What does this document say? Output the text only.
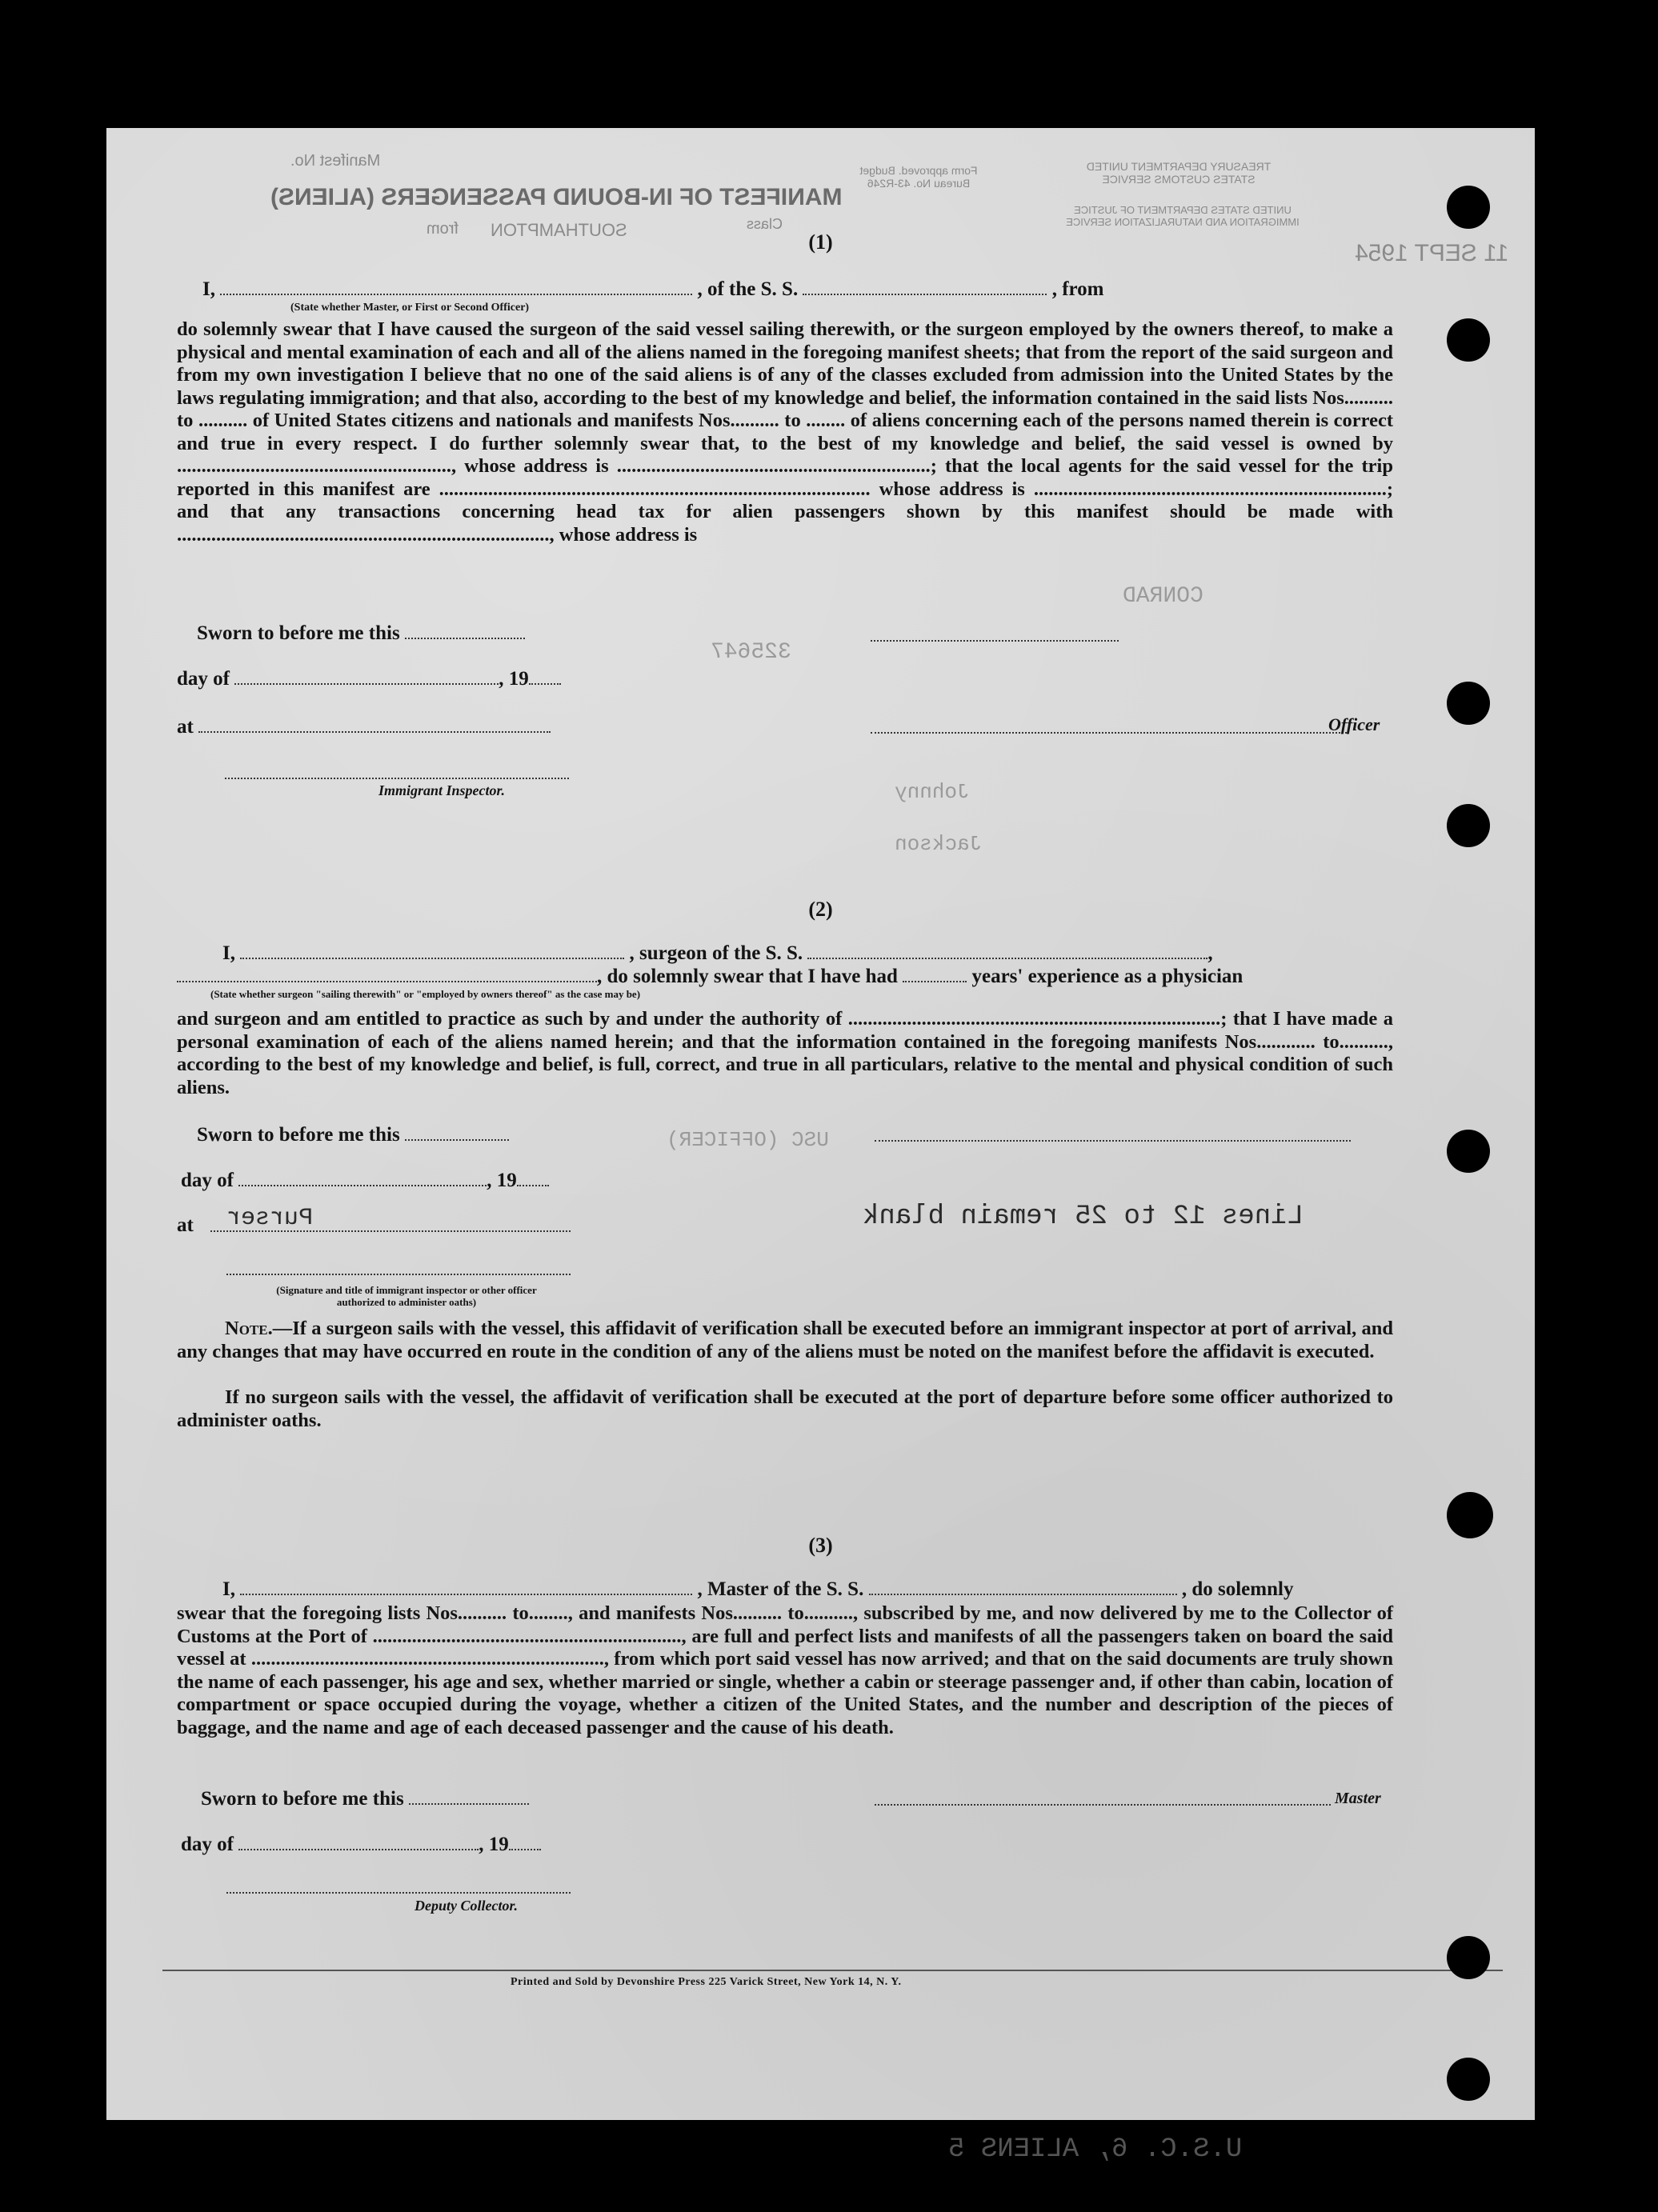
Manifest No.
MANIFEST OF IN-BOUND PASSENGERS (ALIENS)
SOUTHAMPTON
from	Class
Form approved. Budget Bureau No. 43-R246
TREASURY DEPARTMENT UNITED STATES CUSTOMS SERVICE
UNITED STATES DEPARTMENT OF JUSTICE IMMIGRATION AND NATURALIZATION SERVICE
11 SEPT 1954
(1)
I,	, of the S. S.	, from
(State whether Master, or First or Second Officer)
do solemnly swear that I have caused the surgeon of the said vessel sailing therewith, or the surgeon employed by the owners thereof, to make a physical and mental examination of each and all of the aliens named in the foregoing manifest sheets; that from the report of the said surgeon and from my own investigation I believe that no one of the said aliens is of any of the classes excluded from admission into the United States by the laws regulating immigration; and that also, according to the best of my knowledge and belief, the information contained in the said lists Nos.......... to .......... of United States citizens and nationals and manifests Nos.......... to ........ of aliens concerning each of the persons named therein is correct and true in every respect. I do further solemnly swear that, to the best of my knowledge and belief, the said vessel is owned by ........................................................, whose address is ................................................................; that the local agents for the said vessel for the trip reported in this manifest are ........................................................................................ whose address is ........................................................................; and that any transactions concerning head tax for alien passengers shown by this manifest should be made with ............................................................................, whose address is
Sworn to before me this
day of	, 19
at	Officer
Immigrant Inspector.
(2)
I,	, surgeon of the S. S.	,
, do solemnly swear that I have had	years' experience as a physician
(State whether surgeon "sailing therewith" or "employed by owners thereof" as the case may be)
and surgeon and am entitled to practice as such by and under the authority of ............................................................................; that I have made a personal examination of each of the aliens named herein; and that the information contained in the foregoing manifests Nos............ to.........., according to the best of my knowledge and belief, is full, correct, and true in all particulars, relative to the mental and physical condition of such aliens.
Sworn to before me this
day of	, 19
at Purser	Lines 12 to 25 remain blank
(Signature and title of immigrant inspector or other officer authorized to administer oaths)
Note.—If a surgeon sails with the vessel, this affidavit of verification shall be executed before an immigrant inspector at port of arrival, and any changes that may have occurred en route in the condition of any of the aliens must be noted on the manifest before the affidavit is executed.
If no surgeon sails with the vessel, the affidavit of verification shall be executed at the port of departure before some officer authorized to administer oaths.
(3)
I,	, Master of the S. S.	, do solemnly
swear that the foregoing lists Nos.......... to........, and manifests Nos.......... to.........., subscribed by me, and now delivered by me to the Collector of Customs at the Port of ..............................................................., are full and perfect lists and manifests of all the passengers taken on board the said vessel at ........................................................................, from which port said vessel has now arrived; and that on the said documents are truly shown the name of each passenger, his age and sex, whether married or single, whether a cabin or steerage passenger and, if other than cabin, location of compartment or space occupied during the voyage, whether a citizen of the United States, and the number and description of the pieces of baggage, and the name and age of each deceased passenger and the cause of his death.
Sworn to before me this	Master
day of	, 19
Deputy Collector.
Printed and Sold by Devonshire Press 225 Varick Street, New York 14, N. Y.
CONRAD
325647
Johnny
Jackson
USC (OFFICER)
U.S.C. 6, ALIENS 5
